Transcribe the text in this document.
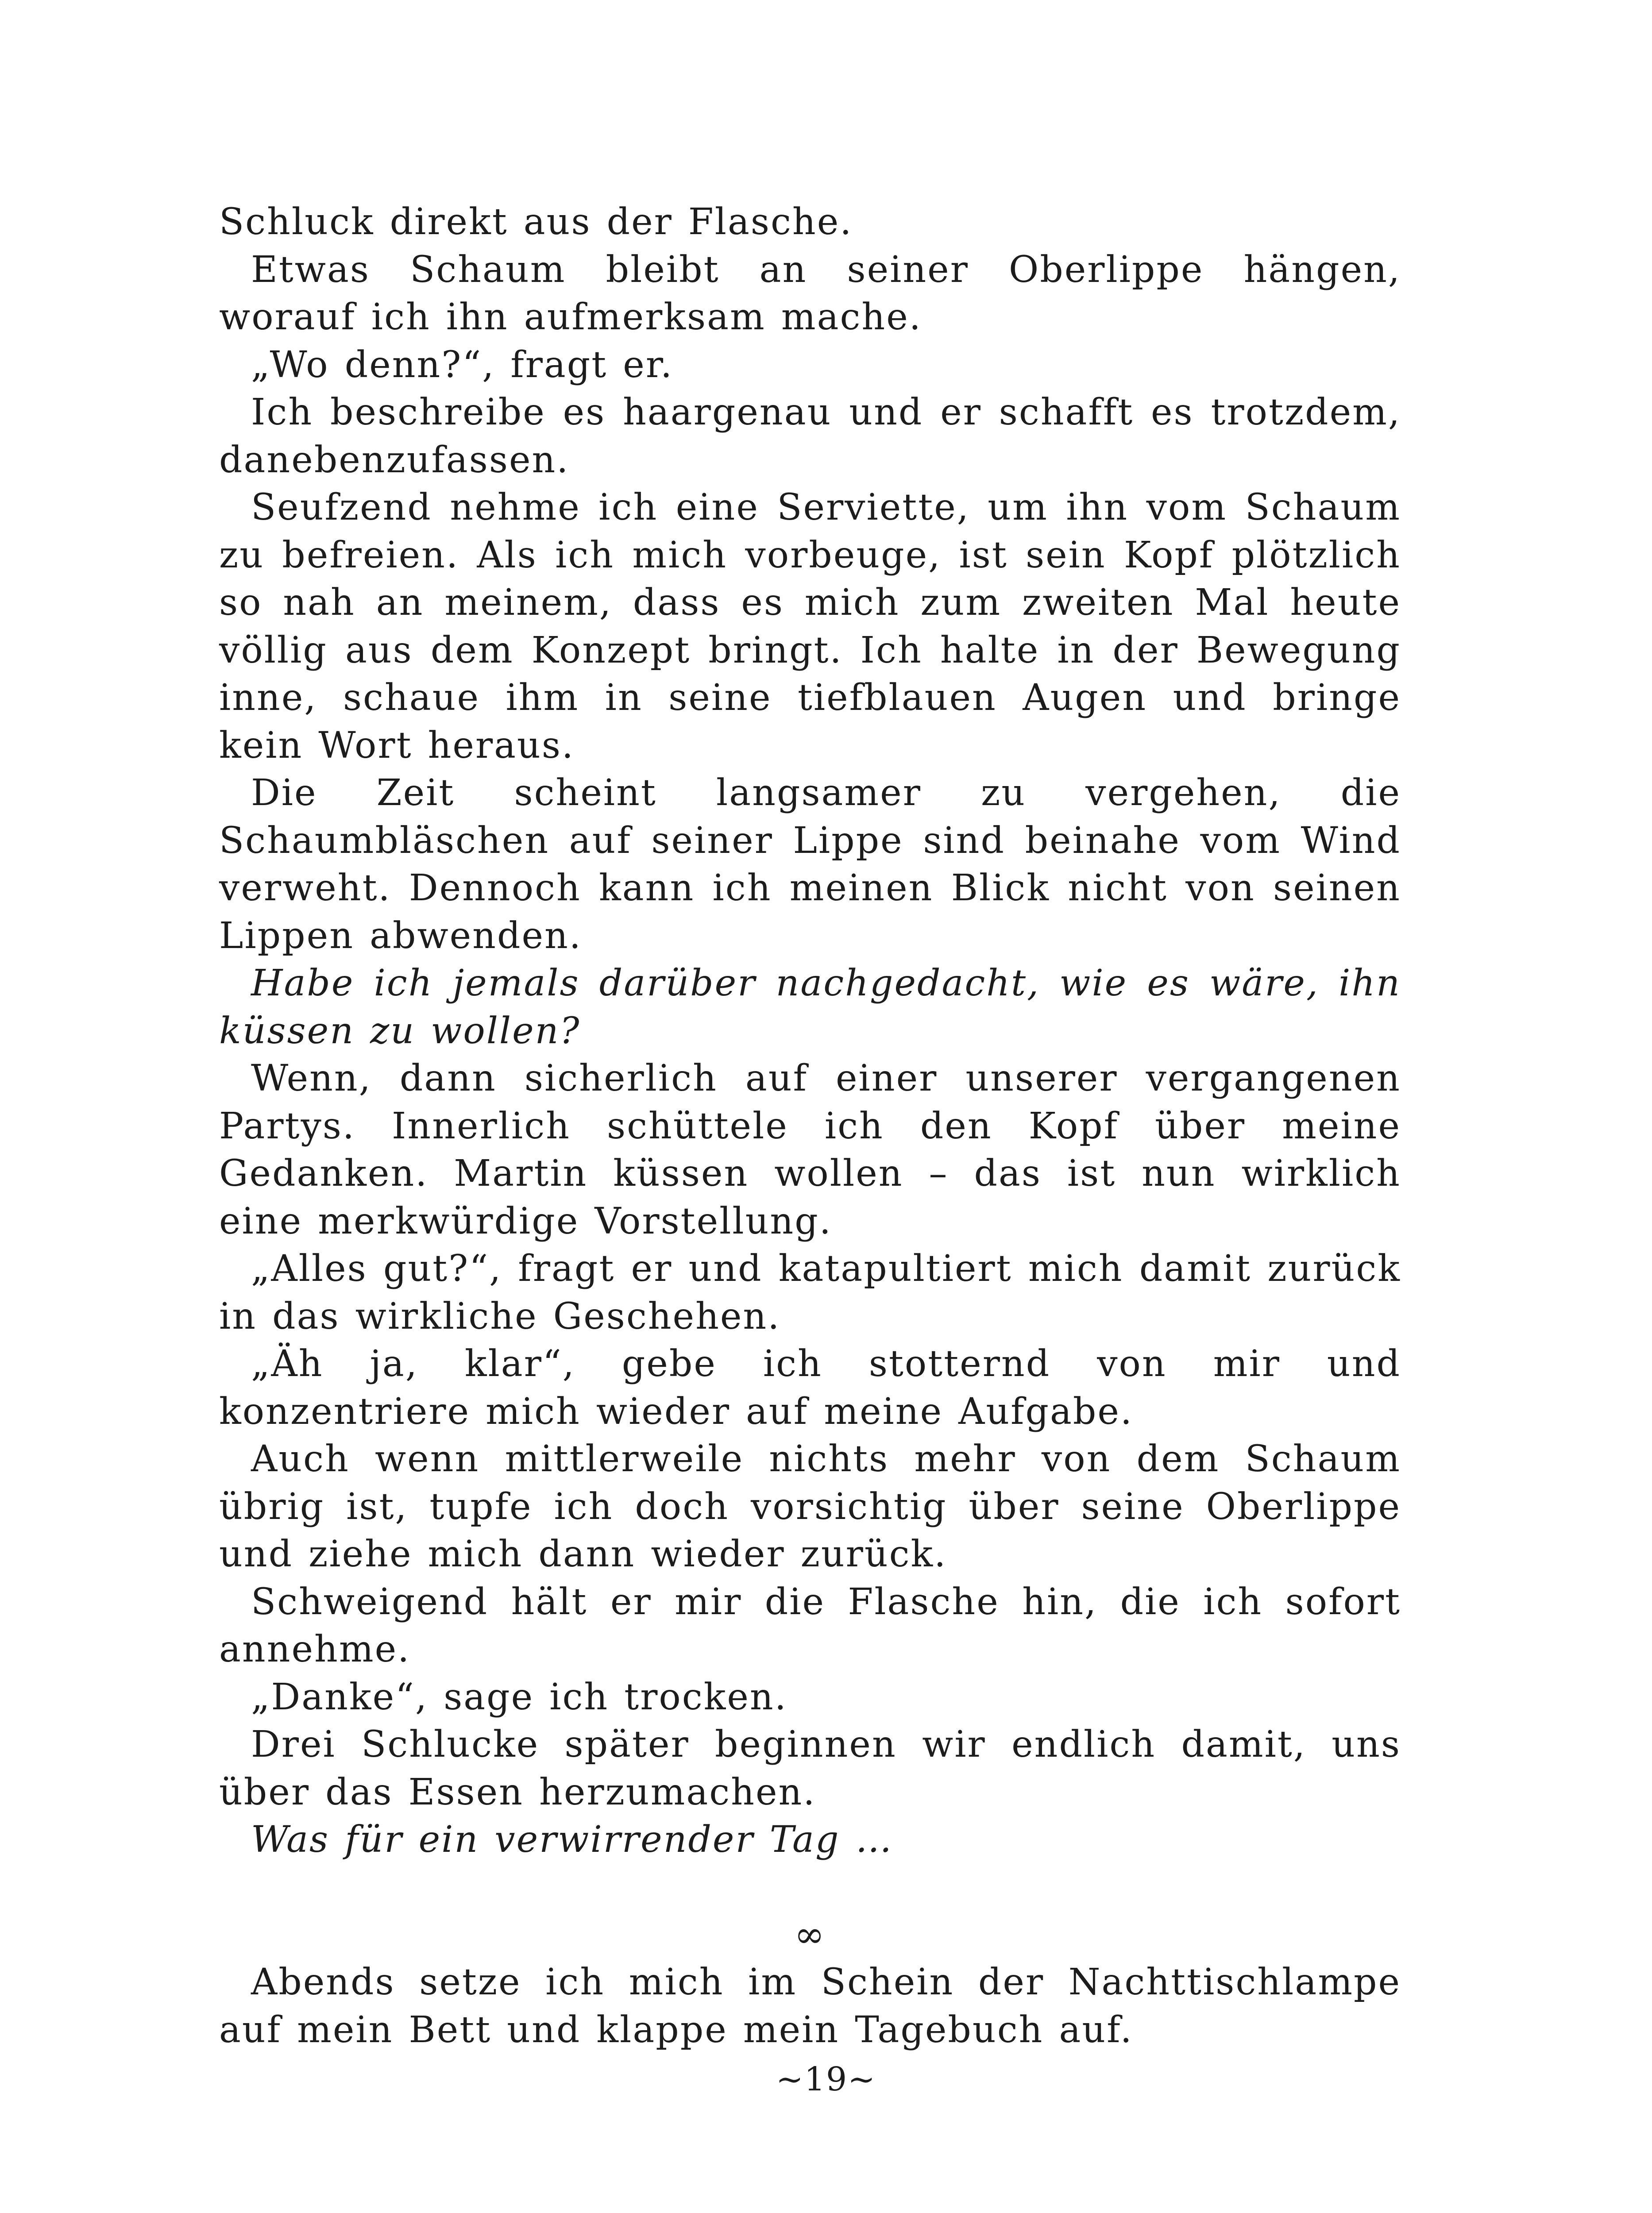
Schluck direkt aus der Flasche.

Etwas Schaum bleibt an seiner Oberlippe hängen, worauf ich ihn aufmerksam mache.

„Wo denn?“, fragt er.

Ich beschreibe es haargenau und er schafft es trotzdem, danebenzufassen.

Seufzend nehme ich eine Serviette, um ihn vom Schaum zu befreien. Als ich mich vorbeuge, ist sein Kopf plötzlich so nah an meinem, dass es mich zum zweiten Mal heute völlig aus dem Konzept bringt. Ich halte in der Bewegung inne, schaue ihm in seine tiefblauen Augen und bringe kein Wort heraus.

Die Zeit scheint langsamer zu vergehen, die Schaumbläschen auf seiner Lippe sind beinahe vom Wind verweht. Dennoch kann ich meinen Blick nicht von seinen Lippen abwenden.

Habe ich jemals darüber nachgedacht, wie es wäre, ihn küssen zu wollen?

Wenn, dann sicherlich auf einer unserer vergangenen Partys. Innerlich schüttele ich den Kopf über meine Gedanken. Martin küssen wollen – das ist nun wirklich eine merkwürdige Vorstellung.

„Alles gut?“, fragt er und katapultiert mich damit zurück in das wirkliche Geschehen.

„Äh ja, klar“, gebe ich stotternd von mir und konzentriere mich wieder auf meine Aufgabe.

Auch wenn mittlerweile nichts mehr von dem Schaum übrig ist, tupfe ich doch vorsichtig über seine Oberlippe und ziehe mich dann wieder zurück.

Schweigend hält er mir die Flasche hin, die ich sofort annehme.

„Danke“, sage ich trocken.

Drei Schlucke später beginnen wir endlich damit, uns über das Essen herzumachen.

Was für ein verwirrender Tag …

∞

Abends setze ich mich im Schein der Nachttischlampe auf mein Bett und klappe mein Tagebuch auf.

~19~
